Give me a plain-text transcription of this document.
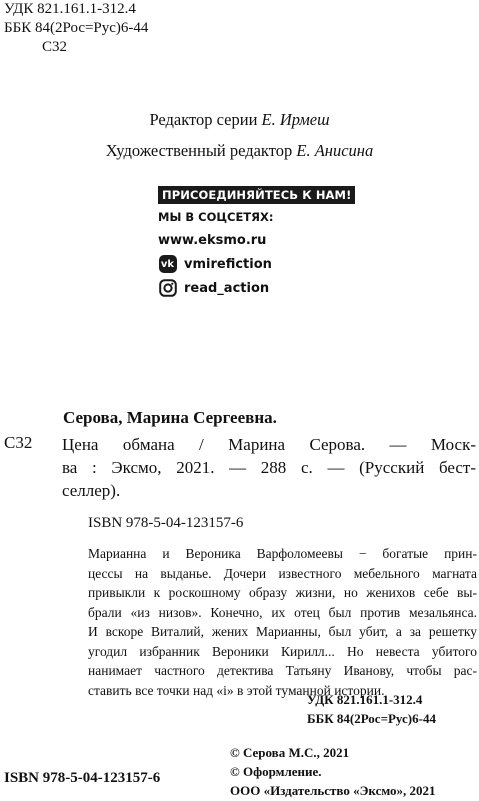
УДК 821.161.1-312.4
ББК 84(2Рос=Рус)6-44
С32
Редактор серии Е. Ирмеш
Художественный редактор Е. Анисина
ПРИСОЕДИНЯЙТЕСЬ К НАМ!
МЫ В СОЦСЕТЯХ:
www.eksmo.ru
vk vmirefiction
read_action
Серова, Марина Сергеевна.
С32 Цена обмана / Марина Серова. — Моск-
ва : Эксмо, 2021. — 288 с. — (Русский бест-
селлер).
ISBN 978-5-04-123157-6
Марианна и Вероника Варфоломеевы − богатые прин-
цессы на выданье. Дочери известного мебельного магната
привыкли к роскошному образу жизни, но женихов себе вы-
брали «из низов». Конечно, их отец был против мезальянса.
И вскоре Виталий, жених Марианны, был убит, а за решетку
угодил избранник Вероники Кирилл... Но невеста убитого
нанимает частного детектива Татьяну Иванову, чтобы рас-
ставить все точки над «i» в этой туманной истории.
УДК 821.161.1-312.4
ББК 84(2Рос=Рус)6-44
© Серова М.С., 2021
© Оформление.
ООО «Издательство «Эксмо», 2021
ISBN 978-5-04-123157-6
